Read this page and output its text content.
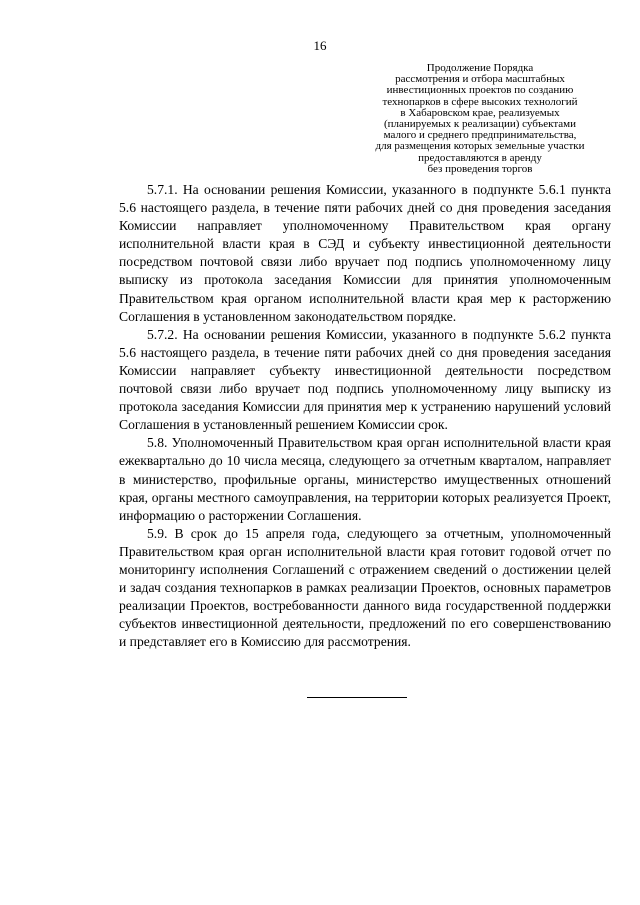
16
Продолжение Порядка
рассмотрения и отбора масштабных
инвестиционных проектов по созданию
технопарков в сфере высоких технологий
в Хабаровском крае, реализуемых
(планируемых к реализации) субъектами
малого и среднего предпринимательства,
для размещения которых земельные участки
предоставляются в аренду
без проведения торгов

5.7.1. На основании решения Комиссии, указанного в подпункте 5.6.1 пункта 5.6 настоящего раздела, в течение пяти рабочих дней со дня проведения заседания Комиссии направляет уполномоченному Правительством края органу исполнительной власти края в СЭД и субъекту инвестиционной деятельности посредством почтовой связи либо вручает под подпись уполномоченному лицу выписку из протокола заседания Комиссии для принятия уполномоченным Правительством края органом исполнительной власти края мер к расторжению Соглашения в установленном законодательством порядке.

5.7.2. На основании решения Комиссии, указанного в подпункте 5.6.2 пункта 5.6 настоящего раздела, в течение пяти рабочих дней со дня проведения заседания Комиссии направляет субъекту инвестиционной деятельности посредством почтовой связи либо вручает под подпись уполномоченному лицу выписку из протокола заседания Комиссии для принятия мер к устранению нарушений условий Соглашения в установленный решением Комиссии срок.

5.8. Уполномоченный Правительством края орган исполнительной власти края ежеквартально до 10 числа месяца, следующего за отчетным кварталом, направляет в министерство, профильные органы, министерство имущественных отношений края, органы местного самоуправления, на территории которых реализуется Проект, информацию о расторжении Соглашения.

5.9. В срок до 15 апреля года, следующего за отчетным, уполномоченный Правительством края орган исполнительной власти края готовит годовой отчет по мониторингу исполнения Соглашений с отражением сведений о достижении целей и задач создания технопарков в рамках реализации Проектов, основных параметров реализации Проектов, востребованности данного вида государственной поддержки субъектов инвестиционной деятельности, предложений по его совершенствованию и представляет его в Комиссию для рассмотрения.
